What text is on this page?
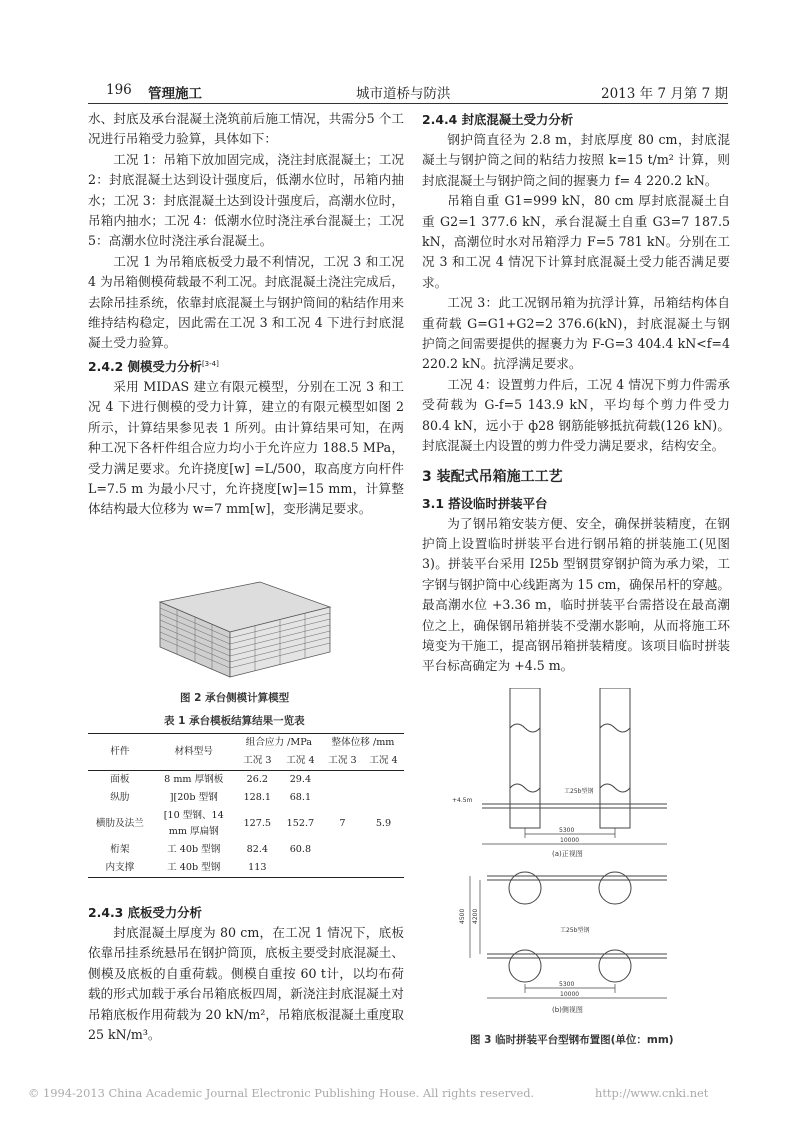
196 管理施工	城市道桥与防洪	2013 年 7 月第 7 期

水、封底及承台混凝土浇筑前后施工情况，共需分5 个工况进行吊箱受力验算，具体如下：

工况 1：吊箱下放加固完成，浇注封底混凝土；工况 2：封底混凝土达到设计强度后，低潮水位时，吊箱内抽水；工况 3：封底混凝土达到设计强度后，高潮水位时，吊箱内抽水；工况 4：低潮水位时浇注承台混凝土；工况 5：高潮水位时浇注承台混凝土。

工况 1 为吊箱底板受力最不利情况，工况 3 和工况 4 为吊箱侧模荷载最不利工况。封底混凝土浇注完成后，去除吊挂系统，依靠封底混凝土与钢护筒间的粘结作用来维持结构稳定，因此需在工况 3 和工况 4 下进行封底混凝土受力验算。

2.4.2 侧模受力分析[3-4]

采用 MIDAS 建立有限元模型，分别在工况 3 和工况 4 下进行侧模的受力计算，建立的有限元模型如图 2 所示，计算结果参见表 1 所列。由计算结果可知，在两种工况下各杆件组合应力均小于允许应力 188.5 MPa，受力满足要求。允许挠度[w] =L/500，取高度方向杆件 L=7.5 m 为最小尺寸，允许挠度[w]=15 mm，计算整体结构最大位移为 w=7 mm[w]，变形满足要求。

图 2 承台侧模计算模型
表 1 承台模板结算结果一览表
杆件	材料型号	组合应力 /MPa		整体位移 /mm	
		工况 3	工况 4	工况 3	工况 4
面板	8 mm 厚钢板	26.2	29.4		
纵肋	][20b 型钢	128.1	68.1		
横肋及法兰	[10 型钢、14 mm 厚扁钢	127.5	152.7	7	5.9
桁架	工 40b 型钢	82.4	60.8		
内支撑	工 40b 型钢	113			
2.4.3 底板受力分析

封底混凝土厚度为 80 cm，在工况 1 情况下，底板依靠吊挂系统悬吊在钢护筒顶，底板主要受封底混凝土、侧模及底板的自重荷载。侧模自重按 60 t计，以均布荷载的形式加载于承台吊箱底板四周，新浇注封底混凝土对吊箱底板作用荷载为 20 kN/m²，吊箱底板混凝土重度取 25 kN/m³。

2.4.4 封底混凝土受力分析

钢护筒直径为 2.8 m，封底厚度 80 cm，封底混凝土与钢护筒之间的粘结力按照 k=15 t/m² 计算，则封底混凝土与钢护筒之间的握裹力 f= 4 220.2 kN。

吊箱自重 G1=999 kN，80 cm 厚封底混凝土自重 G2=1 377.6 kN，承台混凝土自重 G3=7 187.5 kN，高潮位时水对吊箱浮力 F=5 781 kN。分别在工况 3 和工况 4 情况下计算封底混凝土受力能否满足要求。

工况 3：此工况钢吊箱为抗浮计算，吊箱结构体自重荷载 G=G1+G2=2 376.6(kN)，封底混凝土与钢护筒之间需要提供的握裹力为 F-G=3 404.4 kN<f=4 220.2 kN。抗浮满足要求。

工况 4：设置剪力件后，工况 4 情况下剪力件需承受荷载为 G-f=5 143.9 kN，平均每个剪力件受力 80.4 kN，远小于 ф28 钢筋能够抵抗荷载(126 kN)。封底混凝土内设置的剪力件受力满足要求，结构安全。

3 装配式吊箱施工工艺
3.1 搭设临时拼装平台

为了钢吊箱安装方便、安全，确保拼装精度，在钢护筒上设置临时拼装平台进行钢吊箱的拼装施工(见图 3)。拼装平台采用 I25b 型钢贯穿钢护筒为承力梁，工字钢与钢护筒中心线距离为 15 cm，确保吊杆的穿越。最高潮水位 +3.36 m，临时拼装平台需搭设在最高潮位之上，确保钢吊箱拼装不受潮水影响，从而将施工环境变为干施工，提高钢吊箱拼装精度。该项目临时拼装平台标高确定为 +4.5 m。

+4.5m
工25b型钢
5300
10000
(a)正视图
4500 4200
工25b型钢
5300
10000
(b)侧视图
图 3 临时拼装平台型钢布置图(单位：mm)
© 1994-2013 China Academic Journal Electronic Publishing House. All rights reserved.	http://www.cnki.net
